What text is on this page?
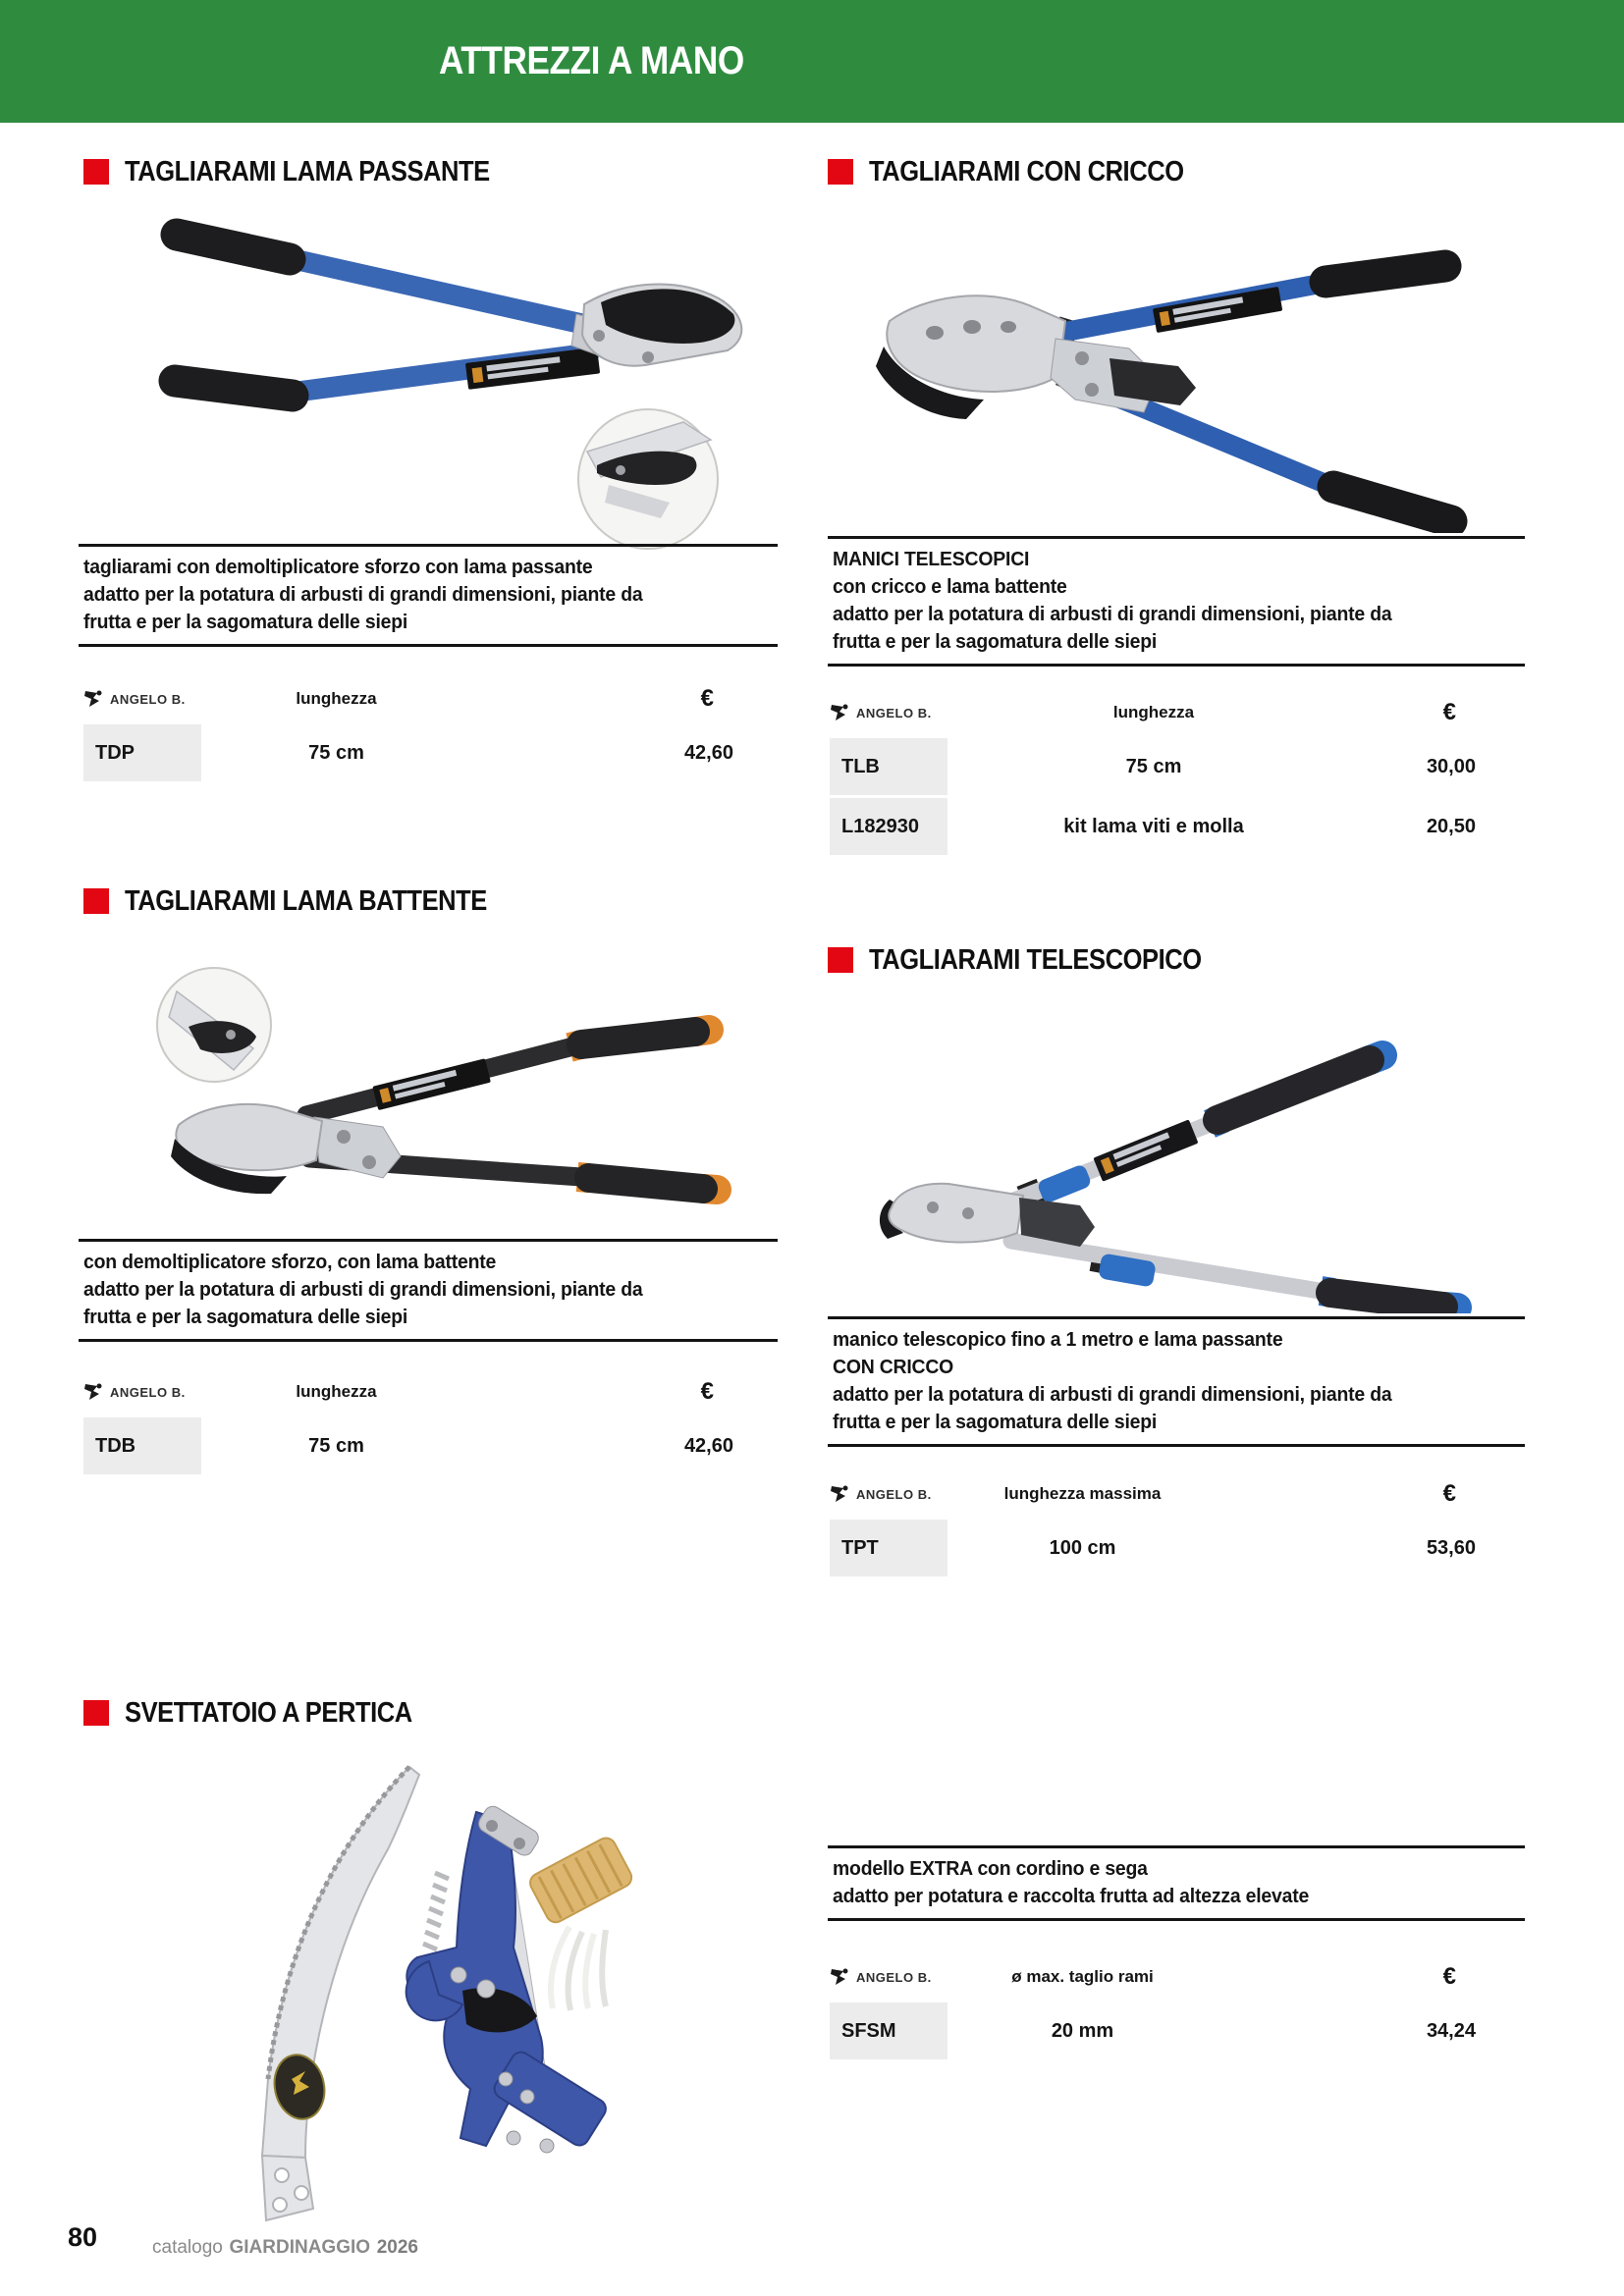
ATTREZZI A MANO
TAGLIARAMI LAMA PASSANTE
tagliarami con demoltiplicatore sforzo con lama passante
adatto per la potatura di arbusti di grandi dimensioni, piante da
frutta e per la sagomatura delle siepi
ANGELO B.	lunghezza	€
TDP	75 cm	42,60
TAGLIARAMI LAMA BATTENTE
con demoltiplicatore sforzo, con lama battente
adatto per la potatura di arbusti di grandi dimensioni, piante da
frutta e per la sagomatura delle siepi
ANGELO B.	lunghezza	€
TDB	75 cm	42,60
SVETTATOIO A PERTICA
TAGLIARAMI CON CRICCO
MANICI TELESCOPICI
con cricco e lama battente
adatto per la potatura di arbusti di grandi dimensioni, piante da
frutta e per la sagomatura delle siepi
ANGELO B.	lunghezza	€
TLB	75 cm	30,00
L182930	kit lama viti e molla	20,50
TAGLIARAMI TELESCOPICO
manico telescopico fino a 1 metro e lama passante
CON CRICCO
adatto per la potatura di arbusti di grandi dimensioni, piante da
frutta e per la sagomatura delle siepi
ANGELO B.	lunghezza massima	€
TPT	100 cm	53,60
modello EXTRA con cordino e sega
adatto per potatura e raccolta frutta ad altezza elevate
ANGELO B.	ø max. taglio rami	€
SFSM	20 mm	34,24
80	catalogo GIARDINAGGIO 2026
